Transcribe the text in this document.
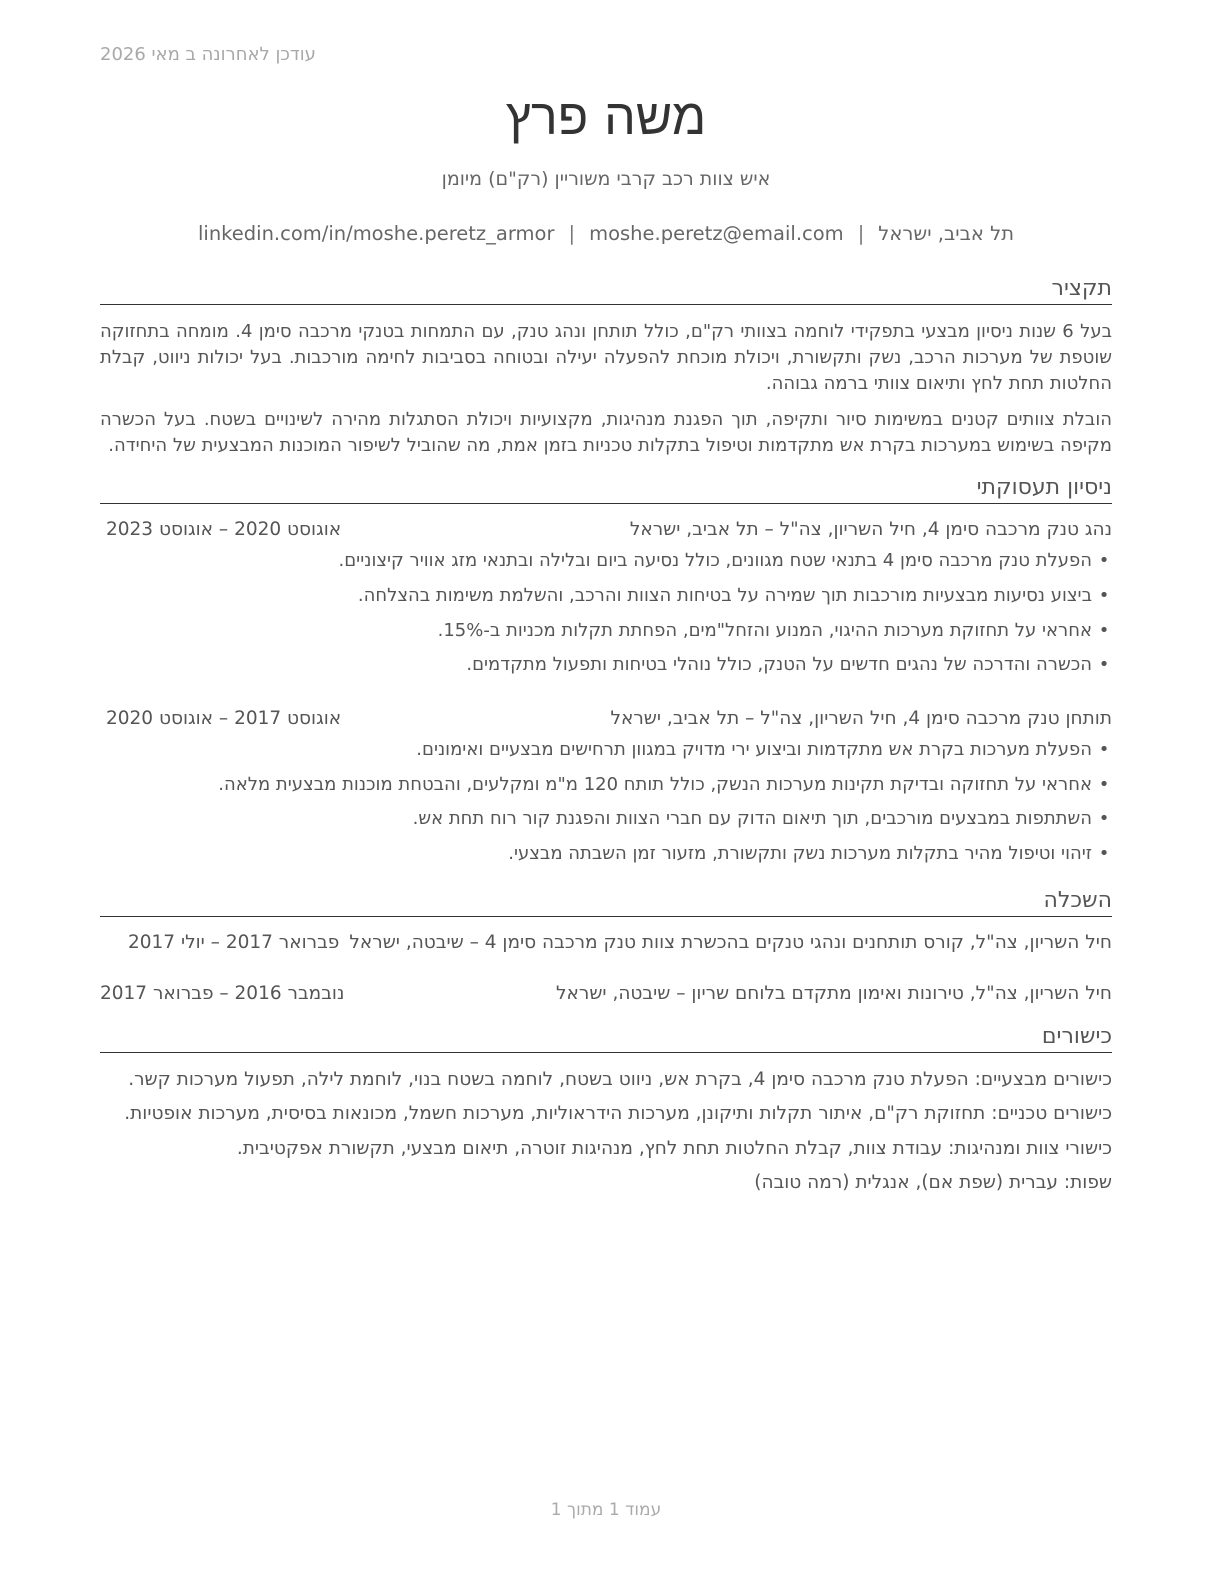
עודכן לאחרונה ב מאי 2026
משה פרץ
איש צוות רכב קרבי משוריין (רק"ם) מיומן
linkedin.com/in/moshe.peretz_armor | moshe.peretz@email.com | תל אביב, ישראל
תקציר

בעל 6 שנות ניסיון מבצעי בתפקידי לוחמה בצוותי רק"ם, כולל תותחן ונהג טנק, עם התמחות בטנקי מרכבה סימן 4. מומחה בתחזוקה שוטפת של מערכות הרכב, נשק ותקשורת, ויכולת מוכחת להפעלה יעילה ובטוחה בסביבות לחימה מורכבות. בעל יכולות ניווט, קבלת החלטות תחת לחץ ותיאום צוותי ברמה גבוהה.

הובלת צוותים קטנים במשימות סיור ותקיפה, תוך הפגנת מנהיגות, מקצועיות ויכולת הסתגלות מהירה לשינויים בשטח. בעל הכשרה מקיפה בשימוש במערכות בקרת אש מתקדמות וטיפול בתקלות טכניות בזמן אמת, מה שהוביל לשיפור המוכנות המבצעית של היחידה.

ניסיון תעסוקתי
נהג טנק מרכבה סימן 4, חיל השריון, צה"ל – תל אביב, ישראל
אוגוסט 2020 – אוגוסט 2023
•הפעלת טנק מרכבה סימן 4 בתנאי שטח מגוונים, כולל נסיעה ביום ובלילה ובתנאי מזג אוויר קיצוניים.
•ביצוע נסיעות מבצעיות מורכבות תוך שמירה על בטיחות הצוות והרכב, והשלמת משימות בהצלחה.
•אחראי על תחזוקת מערכות ההיגוי, המנוע והזחל"מים, הפחתת תקלות מכניות ב-15%.
•הכשרה והדרכה של נהגים חדשים על הטנק, כולל נוהלי בטיחות ותפעול מתקדמים.
תותחן טנק מרכבה סימן 4, חיל השריון, צה"ל – תל אביב, ישראל
אוגוסט 2017 – אוגוסט 2020
•הפעלת מערכות בקרת אש מתקדמות וביצוע ירי מדויק במגוון תרחישים מבצעיים ואימונים.
•אחראי על תחזוקה ובדיקת תקינות מערכות הנשק, כולל תותח 120 מ"מ ומקלעים, והבטחת מוכנות מבצעית מלאה.
•השתתפות במבצעים מורכבים, תוך תיאום הדוק עם חברי הצוות והפגנת קור רוח תחת אש.
•זיהוי וטיפול מהיר בתקלות מערכות נשק ותקשורת, מזעור זמן השבתה מבצעי.
השכלה
חיל השריון, צה"ל, קורס תותחנים ונהגי טנקים בהכשרת צוות טנק מרכבה סימן 4 – שיבטה, ישראל
פברואר 2017 – יולי 2017
חיל השריון, צה"ל, טירונות ואימון מתקדם בלוחם שריון – שיבטה, ישראל
נובמבר 2016 – פברואר 2017
כישורים
כישורים מבצעיים: הפעלת טנק מרכבה סימן 4, בקרת אש, ניווט בשטח, לוחמה בשטח בנוי, לוחמת לילה, תפעול מערכות קשר.
כישורים טכניים: תחזוקת רק"ם, איתור תקלות ותיקונן, מערכות הידראוליות, מערכות חשמל, מכונאות בסיסית, מערכות אופטיות.
כישורי צוות ומנהיגות: עבודת צוות, קבלת החלטות תחת לחץ, מנהיגות זוטרה, תיאום מבצעי, תקשורת אפקטיבית.
שפות: עברית (שפת אם), אנגלית (רמה טובה)
עמוד 1 מתוך 1
